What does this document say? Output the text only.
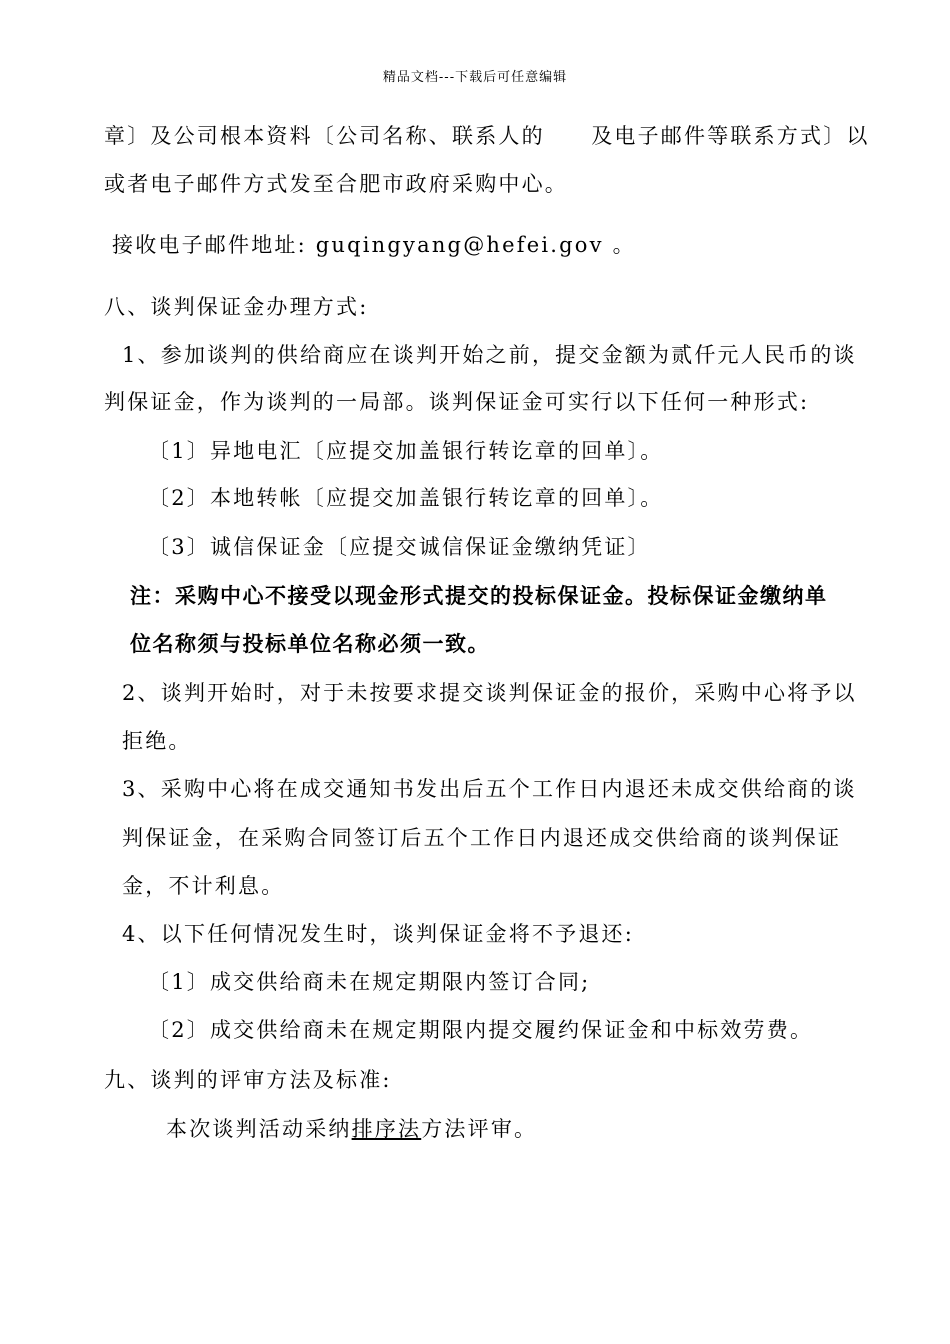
精品文档---下载后可任意编辑
章〕及公司根本资料〔公司名称、联系人的　　及电子邮件等联系方式〕以
或者电子邮件方式发至合肥市政府采购中心。
接收电子邮件地址: guqingyang@hefei.gov 。
八、谈判保证金办理方式:
1、参加谈判的供给商应在谈判开始之前，提交金额为贰仟元人民币的谈
判保证金，作为谈判的一局部。谈判保证金可实行以下任何一种形式:
〔1〕异地电汇〔应提交加盖银行转讫章的回单〕。
〔2〕本地转帐〔应提交加盖银行转讫章的回单〕。
〔3〕诚信保证金〔应提交诚信保证金缴纳凭证〕
注：采购中心不接受以现金形式提交的投标保证金。投标保证金缴纳单
位名称须与投标单位名称必须一致。
2、谈判开始时，对于未按要求提交谈判保证金的报价，采购中心将予以
拒绝。
3、采购中心将在成交通知书发出后五个工作日内退还未成交供给商的谈
判保证金，在采购合同签订后五个工作日内退还成交供给商的谈判保证
金，不计利息。
4、以下任何情况发生时，谈判保证金将不予退还:
〔1〕成交供给商未在规定期限内签订合同;
〔2〕成交供给商未在规定期限内提交履约保证金和中标效劳费。
九、谈判的评审方法及标准:
本次谈判活动采纳排序法方法评审。
